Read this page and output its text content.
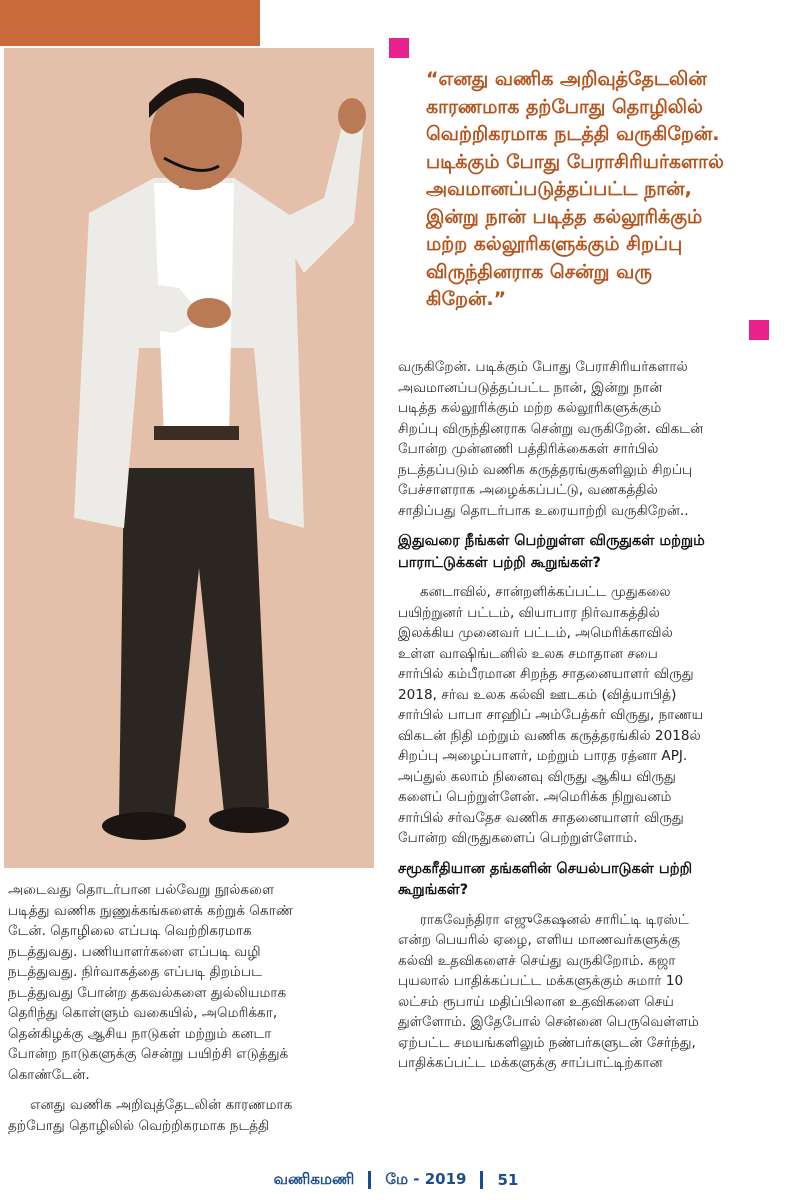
“எனது வணிக அறிவுத்தேடலின்
காரணமாக தற்போது தொழிலில்
வெற்றிகரமாக நடத்தி வருகிறேன்.
படிக்கும் போது பேராசிரியர்களால்
அவமானப்படுத்தப்பட்ட நான்,
இன்று நான் படித்த கல்லூரிக்கும்
மற்ற கல்லூரிகளுக்கும் சிறப்பு
விருந்தினராக சென்று வரு
கிறேன்.”

வருகிறேன். படிக்கும் போது பேராசிரியர்களால்
அவமானப்படுத்தப்பட்ட நான், இன்று நான்
படித்த கல்லூரிக்கும் மற்ற கல்லூரிகளுக்கும்
சிறப்பு விருந்தினராக சென்று வருகிறேன். விகடன்
போன்ற முன்னணி பத்திரிக்கைகள் சார்பில்
நடத்தப்படும் வணிக கருத்தரங்குகளிலும் சிறப்பு
பேச்சாளராக அழைக்கப்பட்டு, வணகத்தில்
சாதிப்பது தொடர்பாக உரையாற்றி வருகிறேன்..

இதுவரை நீங்கள் பெற்றுள்ள விருதுகள் மற்றும்
பாராட்டுக்கள் பற்றி கூறுங்கள்?

கனடாவில், சான்றளிக்கப்பட்ட முதுகலை
பயிற்றுனர் பட்டம், வியாபார நிர்வாகத்தில்
இலக்கிய முனைவர் பட்டம், அமெரிக்காவில்
உள்ள வாஷிங்டனில் உலக சமாதான சபை
சார்பில் கம்பீரமான சிறந்த சாதனையாளர் விருது
2018, சர்வ உலக கல்வி ஊடகம் (வித்யாபித்)
சார்பில் பாபா சாஹிப் அம்பேத்கர் விருது, நாணய
விகடன் நிதி மற்றும் வணிக கருத்தரங்கில் 2018ல்
சிறப்பு அழைப்பாளர், மற்றும் பாரத ரத்னா APJ.
அப்துல் கலாம் நினைவு விருது ஆகிய விருது
களைப் பெற்றுள்ளேன். அமெரிக்க நிறுவனம்
சார்பில் சர்வதேச வணிக சாதனையாளர் விருது
போன்ற விருதுகளைப் பெற்றுள்ளோம்.

சமூகரீதியான தங்களின் செயல்பாடுகள் பற்றி
கூறுங்கள்?

ராகவேந்திரா எஜுகேஷனல் சாரிட்டி டிரஸ்ட்
என்ற பெயரில் ஏழை, எளிய மாணவர்களுக்கு
கல்வி உதவிகளைச் செய்து வருகிறோம். கஜா
புயலால் பாதிக்கப்பட்ட மக்களுக்கும் சுமார் 10
லட்சம் ரூபாய் மதிப்பிலான உதவிகளை செய்
துள்ளோம். இதேபோல் சென்னை பெருவெள்ளம்
ஏற்பட்ட சமயங்களிலும் நண்பர்களுடன் சேர்ந்து,
பாதிக்கப்பட்ட மக்களுக்கு சாப்பாட்டிற்கான

அடைவது தொடர்பான பல்வேறு நூல்களை
படித்து வணிக நுணுக்கங்களைக் கற்றுக் கொண்
டேன். தொழிலை எப்படி வெற்றிகரமாக
நடத்துவது. பணியாளர்களை எப்படி வழி
நடத்துவது. நிர்வாகத்தை எப்படி திறம்பட
நடத்துவது போன்ற தகவல்களை துல்லியமாக
தெரிந்து கொள்ளும் வகையில், அமெரிக்கா,
தென்கிழக்கு ஆசிய நாடுகள் மற்றும் கனடா
போன்ற நாடுகளுக்கு சென்று பயிற்சி எடுத்துக்
கொண்டேன்.

எனது வணிக அறிவுத்தேடலின் காரணமாக
தற்போது தொழிலில் வெற்றிகரமாக நடத்தி

வணிகமணி மே - 2019 51
